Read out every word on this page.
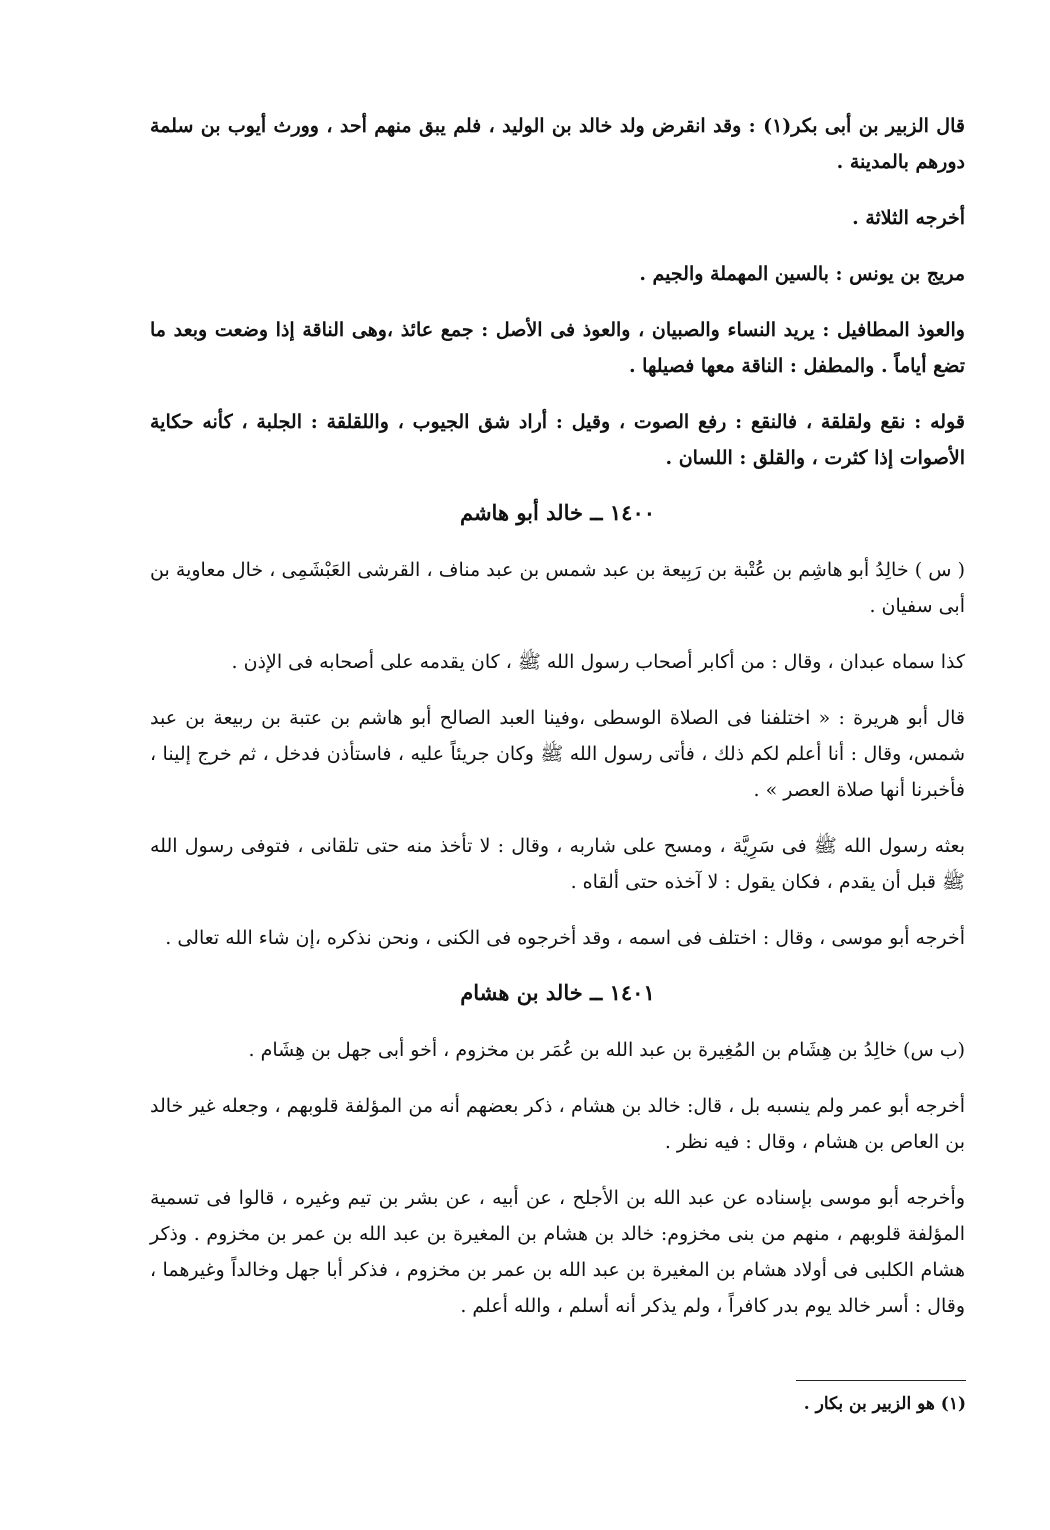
قال الزبير بن أبى بكر(١) : وقد انقرض ولد خالد بن الوليد ، فلم يبق منهم أحد ، وورث أيوب بن سلمة دورهم بالمدينة .

أخرجه الثلاثة .

مريج بن يونس : بالسين المهملة والجيم .

والعوذ المطافيل : يريد النساء والصبيان ، والعوذ فى الأصل : جمع عائذ ،وهى الناقة إذا وضعت وبعد ما تضع أياماً . والمطفل : الناقة معها فصيلها .

قوله : نقع ولقلقة ، فالنقع : رفع الصوت ، وقيل : أراد شق الجيوب ، واللقلقة : الجلبة ، كأنه حكاية الأصوات إذا كثرت ، والقلق : اللسان .

١٤٠٠ ــ خالد أبو هاشم

( س ) خالِدُ أبو هاشِم بن عُتْبة بن رَبِيعة بن عبد شمس بن عبد مناف ، القرشى العَبْشَمِى ، خال معاوية بن أبى سفيان .

كذا سماه عبدان ، وقال : من أكابر أصحاب رسول الله ﷺ ، كان يقدمه على أصحابه فى الإذن .

قال أبو هريرة : « اختلفنا فى الصلاة الوسطى ،وفينا العبد الصالح أبو هاشم بن عتبة بن ربيعة بن عبد شمس، وقال : أنا أعلم لكم ذلك ، فأتى رسول الله ﷺ وكان جريئاً عليه ، فاستأذن فدخل ، ثم خرج إلينا ، فأخبرنا أنها صلاة العصر » .

بعثه رسول الله ﷺ فى سَرِيَّة ، ومسح على شاربه ، وقال : لا تأخذ منه حتى تلقانى ، فتوفى رسول الله ﷺ قبل أن يقدم ، فكان يقول : لا آخذه حتى ألقاه .

أخرجه أبو موسى ، وقال : اختلف فى اسمه ، وقد أخرجوه فى الكنى ، ونحن نذكره ،إن شاء الله تعالى .

١٤٠١ ــ خالد بن هشام

(ب س) خالِدُ بن هِشَام بن المُغِيرة بن عبد الله بن عُمَر بن مخزوم ، أخو أبى جهل بن هِشَام .

أخرجه أبو عمر ولم ينسبه بل ، قال: خالد بن هشام ، ذكر بعضهم أنه من المؤلفة قلوبهم ، وجعله غير خالد بن العاص بن هشام ، وقال : فيه نظر .

وأخرجه أبو موسى بإسناده عن عبد الله بن الأجلح ، عن أبيه ، عن بشر بن تيم وغيره ، قالوا فى تسمية المؤلفة قلوبهم ، منهم من بنى مخزوم: خالد بن هشام بن المغيرة بن عبد الله بن عمر بن مخزوم . وذكر هشام الكلبى فى أولاد هشام بن المغيرة بن عبد الله بن عمر بن مخزوم ، فذكر أبا جهل وخالداً وغيرهما ، وقال : أسر خالد يوم بدر كافراً ، ولم يذكر أنه أسلم ، والله أعلم .

(١) هو الزبير بن بكار .
